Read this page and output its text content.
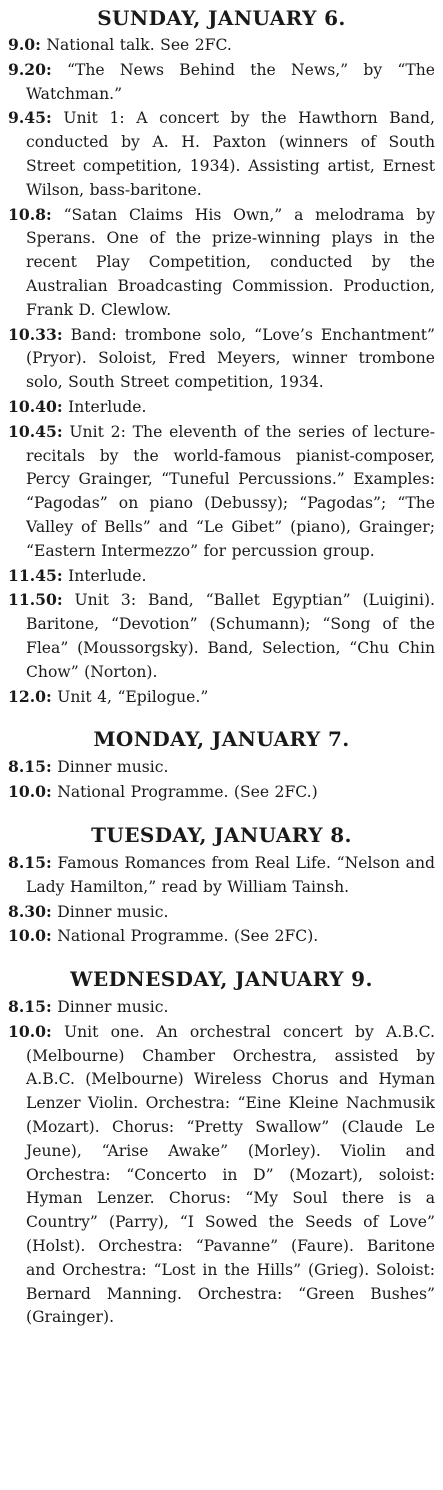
SUNDAY, JANUARY 6.
9.0: National talk. See 2FC.
9.20: “The News Behind the News,” by “The Watchman.”
9.45: Unit 1: A concert by the Hawthorn Band, conducted by A. H. Paxton (winners of South Street competition, 1934). Assisting artist, Ernest Wilson, bass-baritone.
10.8: “Satan Claims His Own,” a melodrama by Sperans. One of the prize-winning plays in the recent Play Competition, conducted by the Australian Broadcasting Commission. Production, Frank D. Clewlow.
10.33: Band: trombone solo, “Love’s Enchantment” (Pryor). Soloist, Fred Meyers, winner trombone solo, South Street competition, 1934.
10.40: Interlude.
10.45: Unit 2: The eleventh of the series of lecture-recitals by the world-famous pianist-composer, Percy Grainger, “Tuneful Percussions.” Examples: “Pagodas” on piano (Debussy); “Pagodas”; “The Valley of Bells” and “Le Gibet” (piano), Grainger; “Eastern Intermezzo” for percussion group.
11.45: Interlude.
11.50: Unit 3: Band, “Ballet Egyptian” (Luigini). Baritone, “Devotion” (Schumann); “Song of the Flea” (Moussorgsky). Band, Selection, “Chu Chin Chow” (Norton).
12.0: Unit 4, “Epilogue.”
MONDAY, JANUARY 7.
8.15: Dinner music.
10.0: National Programme. (See 2FC.)
TUESDAY, JANUARY 8.
8.15: Famous Romances from Real Life. “Nelson and Lady Hamilton,” read by William Tainsh.
8.30: Dinner music.
10.0: National Programme. (See 2FC).
WEDNESDAY, JANUARY 9.
8.15: Dinner music.
10.0: Unit one. An orchestral concert by A.B.C. (Melbourne) Chamber Orchestra, assisted by A.B.C. (Melbourne) Wireless Chorus and Hyman Lenzer Violin. Orchestra: “Eine Kleine Nachmusik (Mozart). Chorus: “Pretty Swallow” (Claude Le Jeune), “Arise Awake” (Morley). Violin and Orchestra: “Concerto in D” (Mozart), soloist: Hyman Lenzer. Chorus: “My Soul there is a Country” (Parry), “I Sowed the Seeds of Love” (Holst). Orchestra: “Pavanne” (Faure). Baritone and Orchestra: “Lost in the Hills” (Grieg). Soloist: Bernard Manning. Orchestra: “Green Bushes” (Grainger).
